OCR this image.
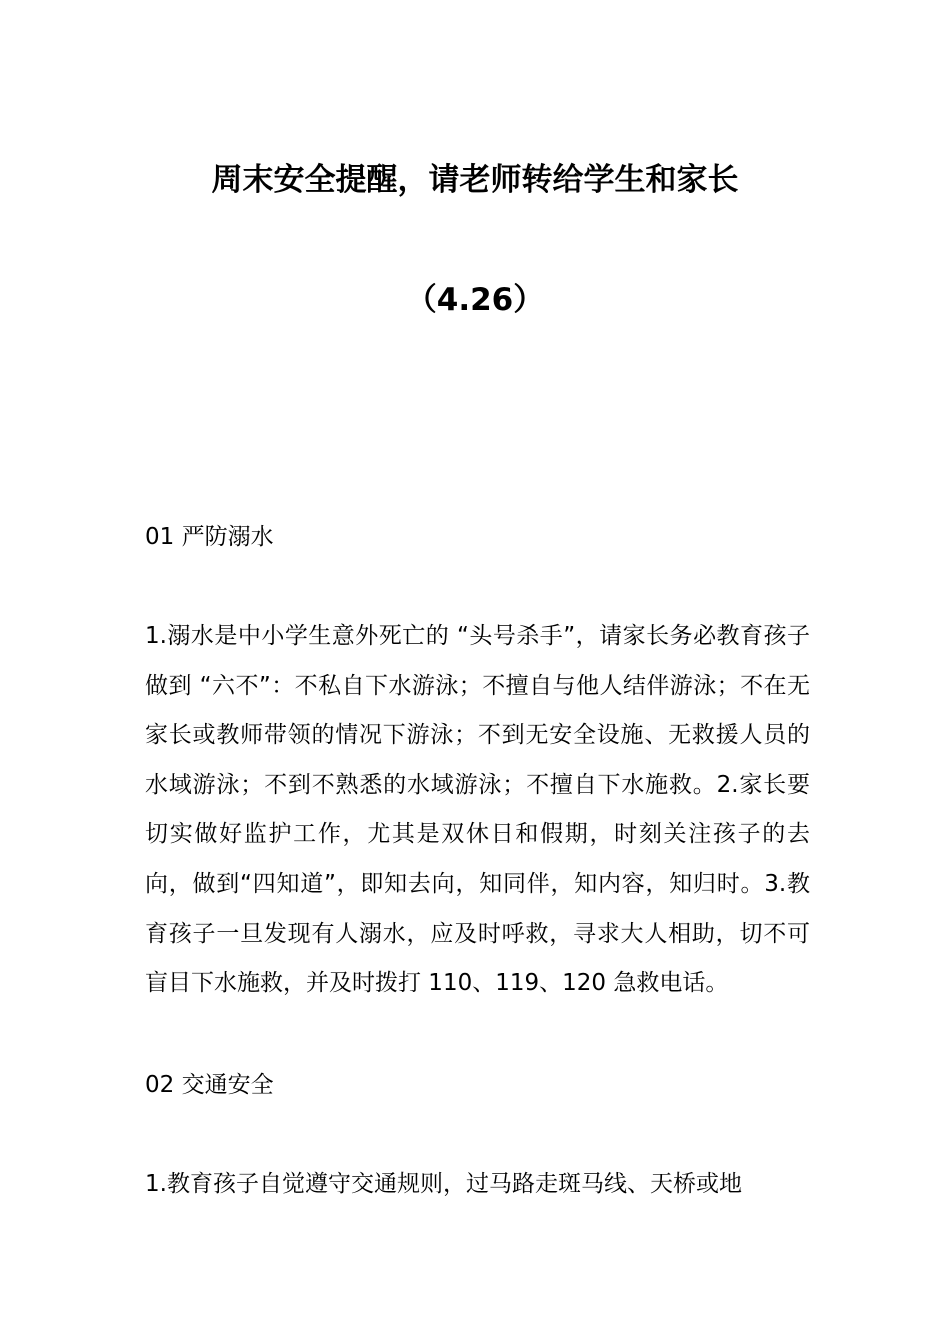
周末安全提醒，请老师转给学生和家长
（4.26）

01 严防溺水

1.溺水是中小学生意外死亡的 “头号杀手”，请家长务必教育孩子做到 “六不”：不私自下水游泳；不擅自与他人结伴游泳；不在无家长或教师带领的情况下游泳；不到无安全设施、无救援人员的水域游泳；不到不熟悉的水域游泳；不擅自下水施救。2.家长要切实做好监护工作，尤其是双休日和假期，时刻关注孩子的去向，做到“四知道”，即知去向，知同伴，知内容，知归时。3.教育孩子一旦发现有人溺水，应及时呼救，寻求大人相助，切不可盲目下水施救，并及时拨打 110、119、120 急救电话。

02 交通安全

1.教育孩子自觉遵守交通规则，过马路走斑马线、天桥或地
